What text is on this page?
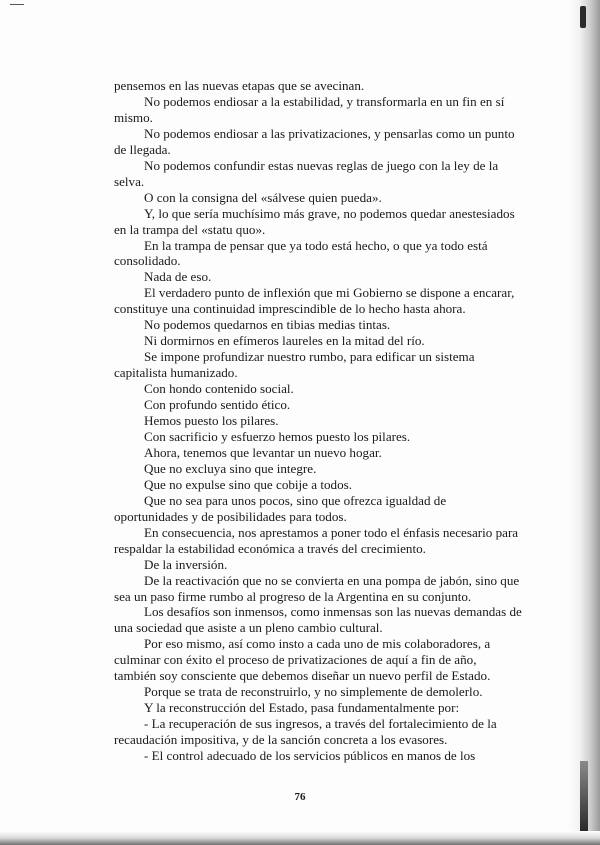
pensemos en las nuevas etapas que se avecinan.

No podemos endiosar a la estabilidad, y transformarla en un fin en sí

mismo.

No podemos endiosar a las privatizaciones, y pensarlas como un punto

de llegada.

No podemos confundir estas nuevas reglas de juego con la ley de la

selva.

O con la consigna del «sálvese quien pueda».

Y, lo que sería muchísimo más grave, no podemos quedar anestesiados

en la trampa del «statu quo».

En la trampa de pensar que ya todo está hecho, o que ya todo está

consolidado.

Nada de eso.

El verdadero punto de inflexión que mi Gobierno se dispone a encarar,

constituye una continuidad imprescindible de lo hecho hasta ahora.

No podemos quedarnos en tibias medias tintas.

Ni dormirnos en efímeros laureles en la mitad del río.

Se impone profundizar nuestro rumbo, para edificar un sistema

capitalista humanizado.

Con hondo contenido social.

Con profundo sentido ético.

Hemos puesto los pilares.

Con sacrificio y esfuerzo hemos puesto los pilares.

Ahora, tenemos que levantar un nuevo hogar.

Que no excluya sino que integre.

Que no expulse sino que cobije a todos.

Que no sea para unos pocos, sino que ofrezca igualdad de

oportunidades y de posibilidades para todos.

En consecuencia, nos aprestamos a poner todo el énfasis necesario para

respaldar la estabilidad económica a través del crecimiento.

De la inversión.

De la reactivación que no se convierta en una pompa de jabón, sino que

sea un paso firme rumbo al progreso de la Argentina en su conjunto.

Los desafíos son inmensos, como inmensas son las nuevas demandas de

una sociedad que asiste a un pleno cambio cultural.

Por eso mismo, así como insto a cada uno de mis colaboradores, a

culminar con éxito el proceso de privatizaciones de aquí a fin de año,

también soy consciente que debemos diseñar un nuevo perfil de Estado.

Porque se trata de reconstruirlo, y no simplemente de demolerlo.

Y la reconstrucción del Estado, pasa fundamentalmente por:

- La recuperación de sus ingresos, a través del fortalecimiento de la

recaudación impositiva, y de la sanción concreta a los evasores.

- El control adecuado de los servicios públicos en manos de los

76
